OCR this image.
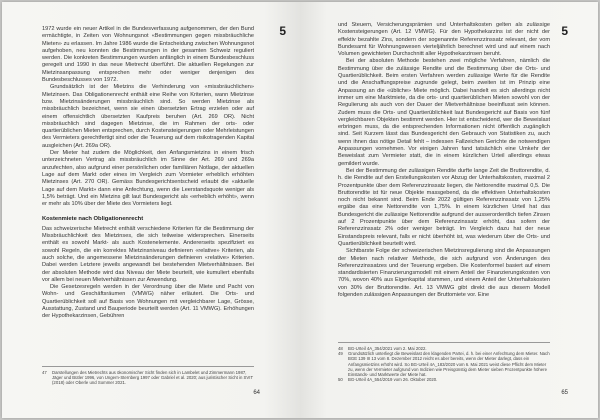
5

1972 wurde ein neuer Artikel in die Bundesverfassung aufgenommen, der den Bund ermächtigte, in Zeiten von Wohnungsnot «Bestimmungen gegen missbräuchliche Mieten» zu erlassen. Im Jahre 1986 wurde die Entscheidung zwischen Wohnungsnot aufgehoben, neu konnten die Bestimmungen in der gesamten Schweiz reguliert werden. Die konkreten Bestimmungen wurden anfänglich in einem Bundesbeschluss geregelt und 1990 in das neue Mietrecht überführt. Die aktuellen Regelungen zur Mietzinsanpassung entsprechen mehr oder weniger denjenigen des Bundesbeschlusses von 1972.

Grundsätzlich ist der Mietzins die Verhinderung von «missbräuchlichen» Mietzinsen. Das Obligationenrecht enthält eine Reihe von Kriterien, wann Mietzinse bzw. Mietzinsänderungen missbräuchlich sind. So werden Mietzinse als missbräuchlich bezeichnet, wenn sie einen übersetzten Ertrag erzielen oder auf einem offensichtlich übersetzten Kaufpreis beruhen (Art. 269 OR). Nicht missbräuchlich sind dagegen Mietzinse, die im Rahmen der orts- oder quartierüblichen Mieten entsprechen, durch Kostensteigerungen oder Mehrleistungen des Vermieters gerechtfertigt sind oder die Teuerung auf dem risikotragenden Kapital ausgleichen (Art. 269a OR).

Der Mieter hat zudem die Möglichkeit, den Anfangsmietzins in einem frisch unterzeichneten Vertrag als missbräuchlich im Sinne der Art. 269 und 269a anzufechten, also aufgrund einer persönlichen oder familiären Notlage, der aktuellen Lage auf dem Markt oder eines im Vergleich zum Vormieter erheblich erhöhten Mietzinses (Art. 270 OR). Gemäss Bundesgerichtsentscheid erlaubt die «aktuelle Lage auf dem Markt» dann eine Anfechtung, wenn die Leerstandsquote weniger als 1,5% beträgt. Und ein Mietzins gilt laut Bundesgericht als «erheblich erhöht», wenn er mehr als 10% über der Miete des Vormieters liegt.

Kostenmiete nach Obligationenrecht

Das schweizerische Mietrecht enthält verschiedene Kriterien für die Bestimmung der Missbräuchlichkeit des Mietzinses, die sich teilweise widersprechen. Einerseits enthält es sowohl Markt- als auch Kostenelemente. Andererseits spezifiziert es sowohl Regeln, die ein korrektes Mietzinsniveau definieren «relative» Kriterien, als auch solche, die angemessene Mietzinsänderungen definieren «relative» Kriterien. Dabei werden Letztere jeweils angewandt bei bestehenden Mietverhältnissen. Bei der absoluten Methode wird das Niveau der Miete beurteilt, wie kumuliert ebenfalls vor allem bei neuen Mietverhältnissen zur Anwendung.

Die Gesetzesregeln werden in der Verordnung über die Miete und Pacht von Wohn- und Geschäftsräumen (VMWG) näher erläutert. Die Orts- und Quartierüblichkeit soll auf Basis von Wohnungen mit vergleichbarer Lage, Grösse, Ausstattung, Zustand und Bauperiode beurteilt werden (Art. 11 VMWG). Erhöhungen der Hypothekarzinsen, Gebühren

47	Darstellungen des Mietrechts aus ökonomischer Sicht finden sich in Lambelet und Zimmermann 1987, Jäger und Bütler 1996, von Ungern-Sternberg 1997 oder Gabriel et al. 2020; aus juristischer Sicht in SVIT (2018) oder Oberle und Sommer 2021.
64
5

und Steuern, Versicherungsprämien und Unterhaltskosten gelten als zulässige Kostensteigerungen (Art. 12 VMWG). Für den Hypothekarzins ist der nicht der effektiv bezahlte Zins, sondern der sogenannte Referenzzinssatz relevant, der vom Bundesamt für Wohnungswesen vierteljährlich berechnet wird und auf einem nach Volumen gewichteten Durchschnitt aller Hypothekarzinsen beruht.

Bei der absoluten Methode bestehen zwei mögliche Verfahren, nämlich die Bestimmung über die zulässige Rendite und die Bestimmung über die Orts- und Quartierüblichkeit. Beim ersten Verfahren werden zulässige Werte für die Rendite und die Anschaffungspreise zugrunde gelegt, beim zweiten ist im Prinzip eine Anpassung an die «übliche» Miete möglich. Dabei handelt es sich allerdings nicht immer um eine Marktmiete, da die orts- und quartierüblichen Mieten sowohl von der Regulierung als auch von der Dauer der Mietverhältnisse beeinflusst sein können. Zudem muss die Orts- und Quartierüblichkeit laut Bundesgericht auf Basis von fünf vergleichbaren Objekten bestimmt werden. Hier ist entscheidend, wer die Beweislast erbringen muss, da die entsprechenden Informationen nicht öffentlich zugänglich sind. Seit Kurzem lässt das Bundesgericht den Gebrauch von Statistiken zu, auch wenn ihnen das nötige Detail fehlt – indessen Fallzeichen Gerichte die notwendigen Anpassungen vornehmen. Vor einigen Jahren fand tatsächlich eine Umkehr der Beweislast zum Vermieter statt, die in einem kürzlichen Urteil allerdings etwas gemildert wurde.

Bei der Bestimmung der zulässigen Rendite durfte lange Zeit die Bruttorendite, d. h. die Rendite auf den Erstellungskosten vor Abzug der Unterhaltskosten, maximal 2 Prozentpunkte über dem Referenzzinssatz liegen, die Nettorendite maximal 0,5. Die Bruttorendite ist für neue Objekte massgebend, da die effektiven Unterhaltskosten noch nicht bekannt sind. Beim Ende 2022 gültigen Referenzzinssatz von 1,25% ergäbe das eine Nettorendite von 1,75%. In einem kürzlichen Urteil hat das Bundesgericht die zulässige Nettorendite aufgrund der ausserordentlich tiefen Zinsen auf 2 Prozentpunkte über dem Referenzzinssatz erhöht, das sofern der Referenzzinssatz 2% oder weniger beträgt. Im Vergleich dazu hat der neue Einstandspreis relevant, falls er nicht überhöht ist, was wiederum über die Orts- und Quartierüblichkeit beurteilt wird.

Sichtbarste Folge der schweizerischen Mietzinsregulierung sind die Anpassungen der Mieten nach relativer Methode, die sich aufgrund von Änderungen des Referenzzinssatzes und der Teuerung ergeben. Die Kostenformel basiert auf einem standardisierten Finanzierungsmodell mit einem Anteil der Finanzierungskosten von 70%, wovon 40% aus Eigenkapital stammen, und einem Anteil der Unterhaltskosten von 30% der Bruttorendite. Art. 13 VMWG gibt direkt die aus diesem Modell folgenden zulässigen Anpassungen der Bruttomiete vor. Eine

48	BG-Urteil 4A_354/2021 vom 2. Mai 2022.
49	Grundsätzlich unterliegt die Beweislast den klagenden Partei, d. h. bei einer Anfechtung dem Mieter. Nach BGE 139 III 13 vom 8. Dezember 2012 reicht es aber bereits, wenn der Mieter darlegt, dass ein Anfangsmietzins erhöht wird. So BG-Urteil 4A_183/2020 vom 6. Mai 2021 weist diese Pflicht dem Mieter zu, wenn der Vermieter aufgrund von Indizien wie Preisgünstig dem Mieter sieben Prozentpunkte höhere Einstands- und Marktwerte der Miete hat.
50	BG-Urteil 4A_554/2019 vom 26. Oktober 2020.
65
